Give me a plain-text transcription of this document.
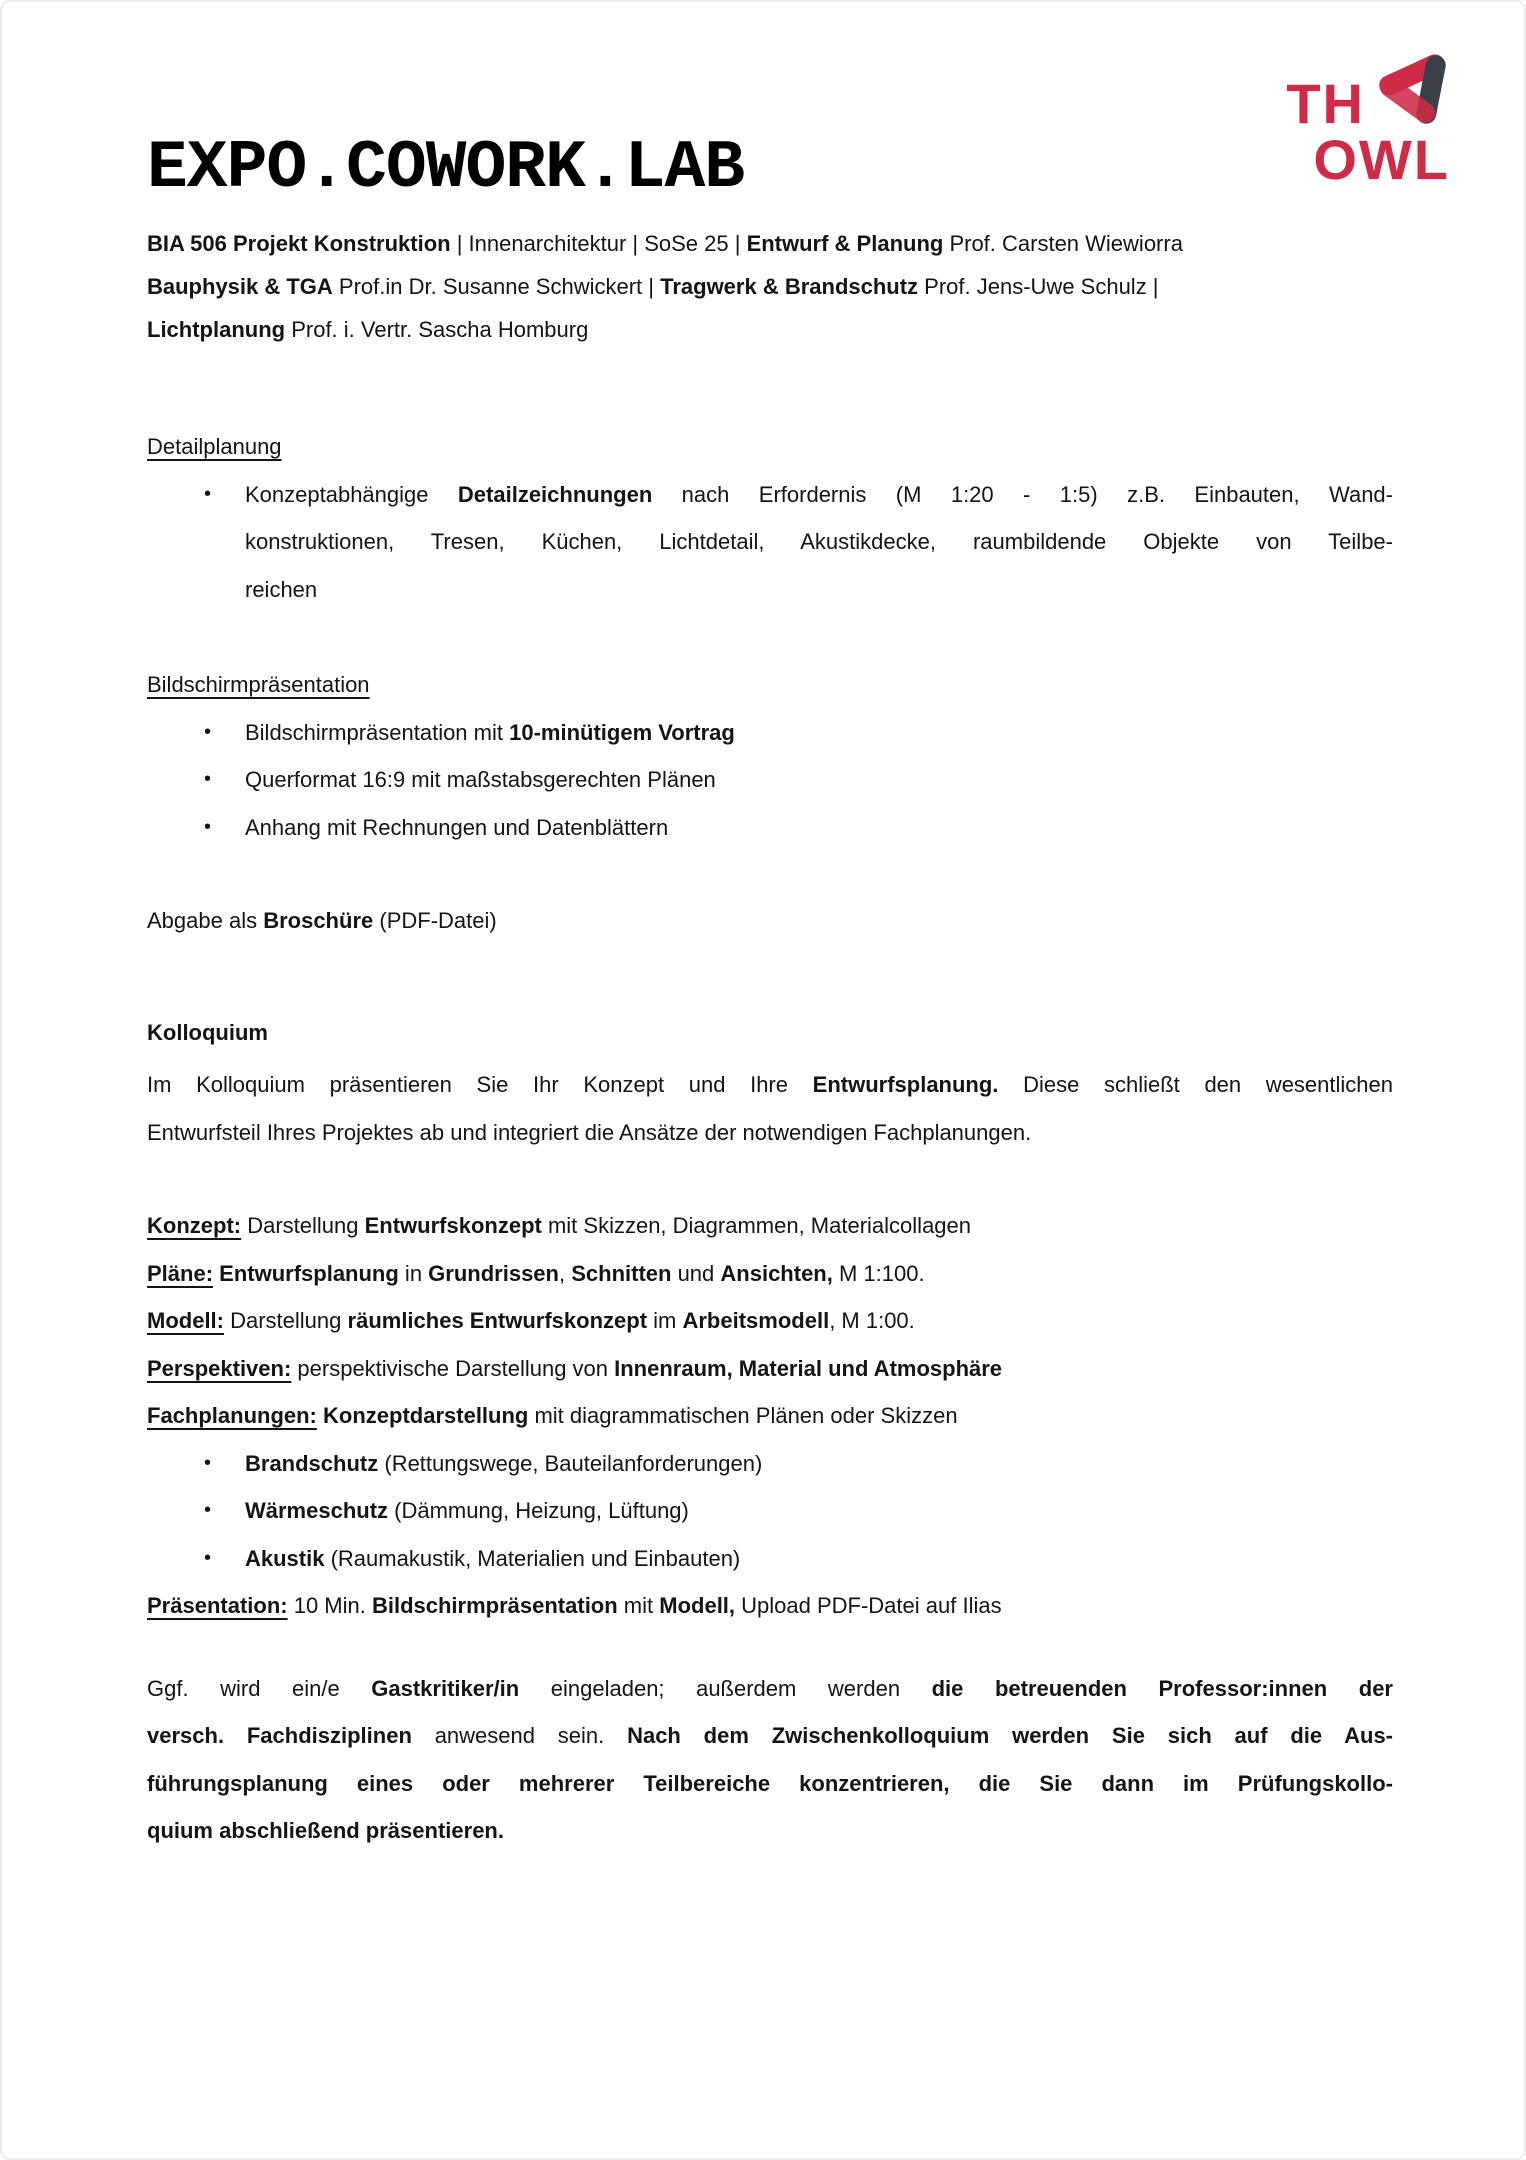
TH
OWL
EXPO.COWORK.LAB
BIA 506 Projekt Konstruktion | Innenarchitektur | SoSe 25 | Entwurf & Planung Prof. Carsten Wiewiorra
Bauphysik & TGA Prof.in Dr. Susanne Schwickert | Tragwerk & Brandschutz Prof. Jens-Uwe Schulz |
Lichtplanung Prof. i. Vertr. Sascha Homburg
Detailplanung
• Konzeptabhängige Detailzeichnungen nach Erfordernis (M 1:20 - 1:5) z.B. Einbauten, Wand-
konstruktionen, Tresen, Küchen, Lichtdetail, Akustikdecke, raumbildende Objekte von Teilbe-
reichen
Bildschirmpräsentation
• Bildschirmpräsentation mit 10-minütigem Vortrag
• Querformat 16:9 mit maßstabsgerechten Plänen
• Anhang mit Rechnungen und Datenblättern
Abgabe als Broschüre (PDF-Datei)
Kolloquium
Im Kolloquium präsentieren Sie Ihr Konzept und Ihre Entwurfsplanung. Diese schließt den wesentlichen
Entwurfsteil Ihres Projektes ab und integriert die Ansätze der notwendigen Fachplanungen.
Konzept: Darstellung Entwurfskonzept mit Skizzen, Diagrammen, Materialcollagen
Pläne: Entwurfsplanung in Grundrissen, Schnitten und Ansichten, M 1:100.
Modell: Darstellung räumliches Entwurfskonzept im Arbeitsmodell, M 1:00.
Perspektiven: perspektivische Darstellung von Innenraum, Material und Atmosphäre
Fachplanungen: Konzeptdarstellung mit diagrammatischen Plänen oder Skizzen
• Brandschutz (Rettungswege, Bauteilanforderungen)
• Wärmeschutz (Dämmung, Heizung, Lüftung)
• Akustik (Raumakustik, Materialien und Einbauten)
Präsentation: 10 Min. Bildschirmpräsentation mit Modell, Upload PDF-Datei auf Ilias
Ggf. wird ein/e Gastkritiker/in eingeladen; außerdem werden die betreuenden Professor:innen der
versch. Fachdisziplinen anwesend sein. Nach dem Zwischenkolloquium werden Sie sich auf die Aus-
führungsplanung eines oder mehrerer Teilbereiche konzentrieren, die Sie dann im Prüfungskollo-
quium abschließend präsentieren.
